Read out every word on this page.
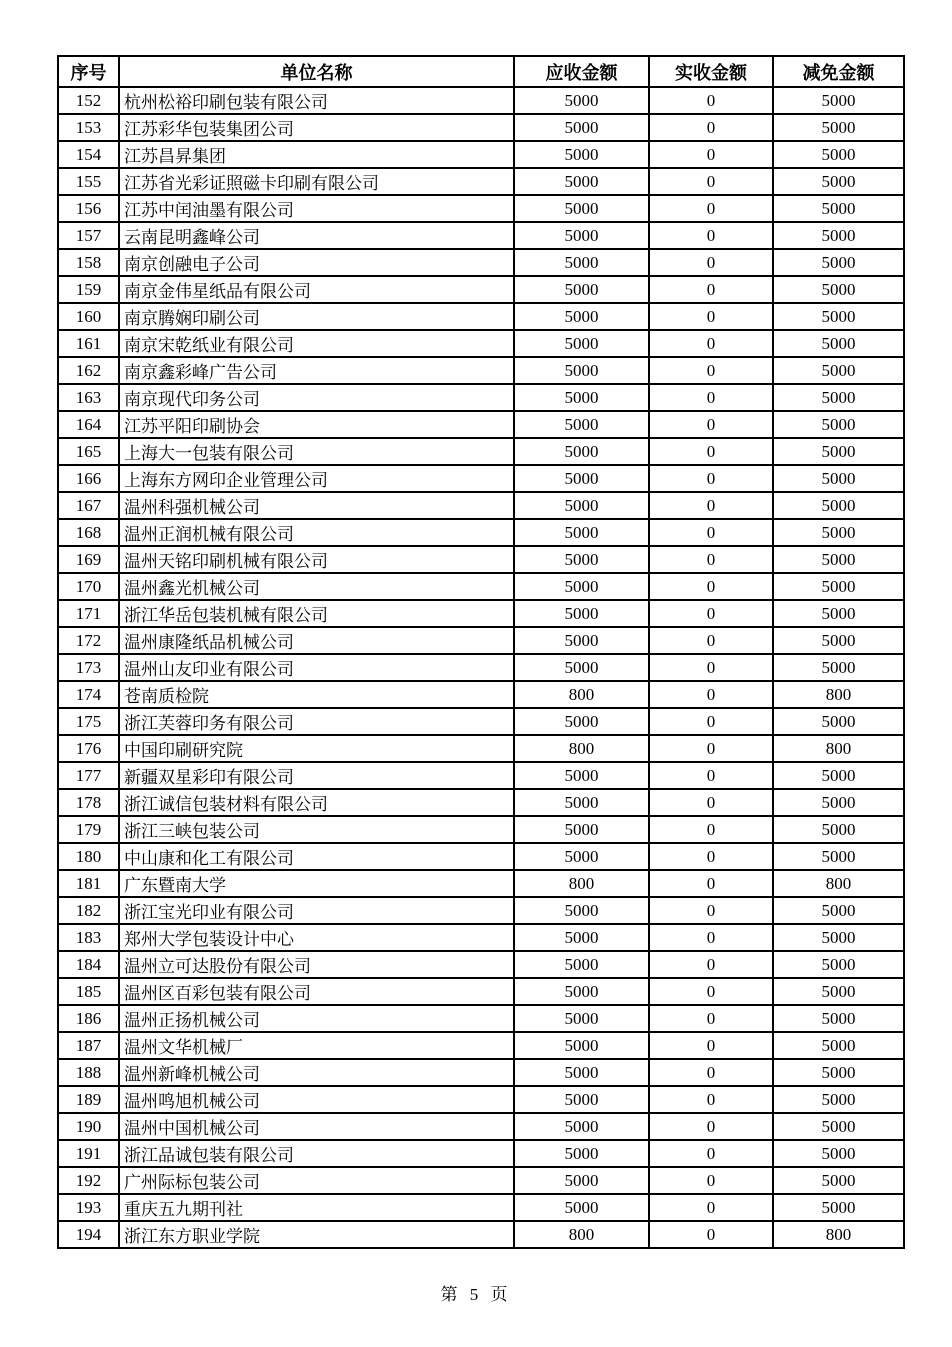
序号	单位名称	应收金额	实收金额	减免金额
152	杭州松裕印刷包装有限公司	5000	0	5000
153	江苏彩华包装集团公司	5000	0	5000
154	江苏昌昇集团	5000	0	5000
155	江苏省光彩证照磁卡印刷有限公司	5000	0	5000
156	江苏中闰油墨有限公司	5000	0	5000
157	云南昆明鑫峰公司	5000	0	5000
158	南京创融电子公司	5000	0	5000
159	南京金伟星纸品有限公司	5000	0	5000
160	南京腾娴印刷公司	5000	0	5000
161	南京宋乾纸业有限公司	5000	0	5000
162	南京鑫彩峰广告公司	5000	0	5000
163	南京现代印务公司	5000	0	5000
164	江苏平阳印刷协会	5000	0	5000
165	上海大一包装有限公司	5000	0	5000
166	上海东方网印企业管理公司	5000	0	5000
167	温州科强机械公司	5000	0	5000
168	温州正润机械有限公司	5000	0	5000
169	温州天铭印刷机械有限公司	5000	0	5000
170	温州鑫光机械公司	5000	0	5000
171	浙江华岳包装机械有限公司	5000	0	5000
172	温州康隆纸品机械公司	5000	0	5000
173	温州山友印业有限公司	5000	0	5000
174	苍南质检院	800	0	800
175	浙江芙蓉印务有限公司	5000	0	5000
176	中国印刷研究院	800	0	800
177	新疆双星彩印有限公司	5000	0	5000
178	浙江诚信包装材料有限公司	5000	0	5000
179	浙江三峡包装公司	5000	0	5000
180	中山康和化工有限公司	5000	0	5000
181	广东暨南大学	800	0	800
182	浙江宝光印业有限公司	5000	0	5000
183	郑州大学包装设计中心	5000	0	5000
184	温州立可达股份有限公司	5000	0	5000
185	温州区百彩包装有限公司	5000	0	5000
186	温州正扬机械公司	5000	0	5000
187	温州文华机械厂	5000	0	5000
188	温州新峰机械公司	5000	0	5000
189	温州鸣旭机械公司	5000	0	5000
190	温州中国机械公司	5000	0	5000
191	浙江品诚包装有限公司	5000	0	5000
192	广州际标包装公司	5000	0	5000
193	重庆五九期刊社	5000	0	5000
194	浙江东方职业学院	800	0	800
第 5 页
